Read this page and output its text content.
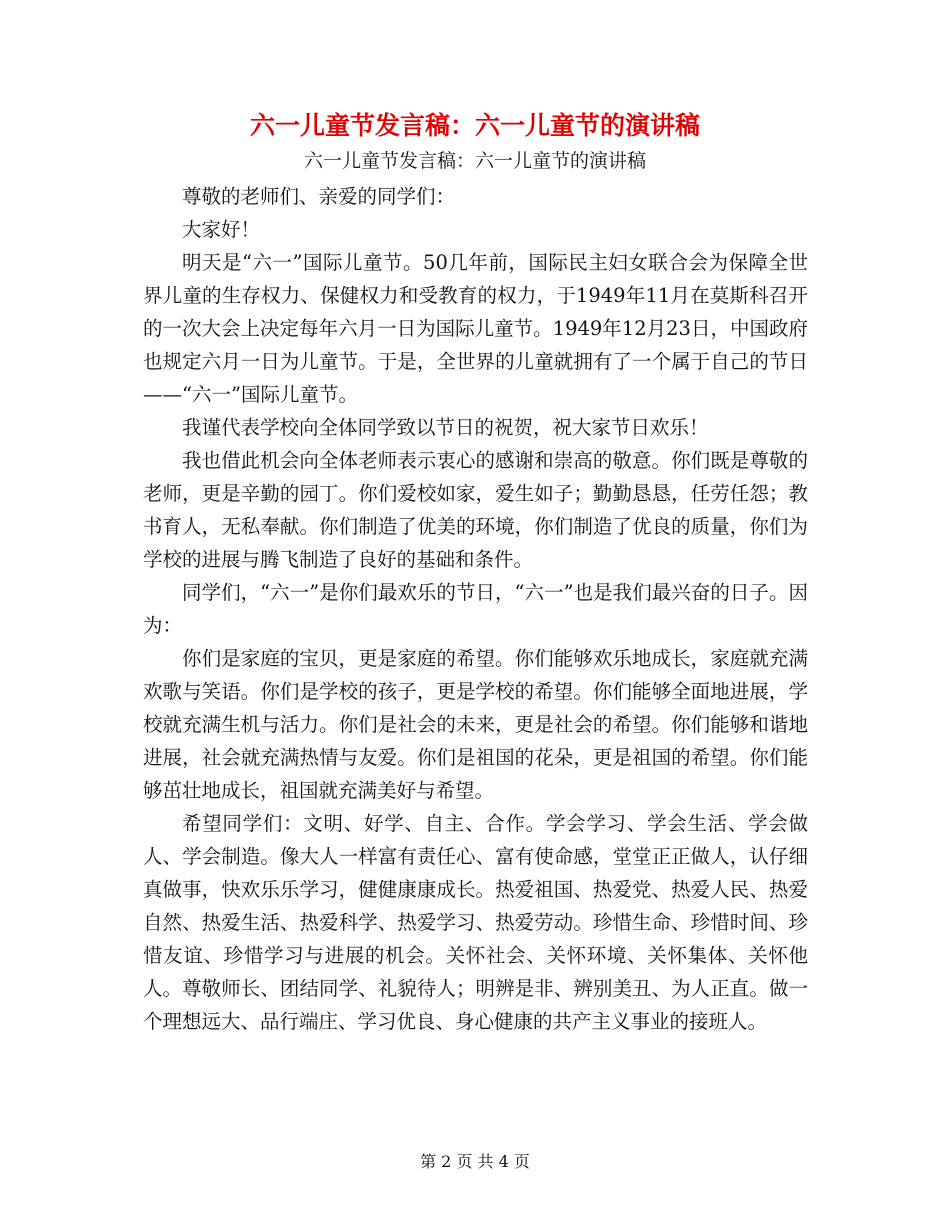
六一儿童节发言稿：六一儿童节的演讲稿
六一儿童节发言稿：六一儿童节的演讲稿

尊敬的老师们、亲爱的同学们：

大家好！

明天是“六一”国际儿童节。50几年前，国际民主妇女联合会为保障全世界儿童的生存权力、保健权力和受教育的权力，于1949年11月在莫斯科召开的一次大会上决定每年六月一日为国际儿童节。1949年12月23日，中国政府也规定六月一日为儿童节。于是，全世界的儿童就拥有了一个属于自己的节日——“六一”国际儿童节。

我谨代表学校向全体同学致以节日的祝贺，祝大家节日欢乐！

我也借此机会向全体老师表示衷心的感谢和崇高的敬意。你们既是尊敬的老师，更是辛勤的园丁。你们爱校如家，爱生如子；勤勤恳恳，任劳任怨；教书育人，无私奉献。你们制造了优美的环境，你们制造了优良的质量，你们为学校的进展与腾飞制造了良好的基础和条件。

同学们，“六一”是你们最欢乐的节日，“六一”也是我们最兴奋的日子。因为：

你们是家庭的宝贝，更是家庭的希望。你们能够欢乐地成长，家庭就充满欢歌与笑语。你们是学校的孩子，更是学校的希望。你们能够全面地进展，学校就充满生机与活力。你们是社会的未来，更是社会的希望。你们能够和谐地进展，社会就充满热情与友爱。你们是祖国的花朵，更是祖国的希望。你们能够茁壮地成长，祖国就充满美好与希望。

希望同学们：文明、好学、自主、合作。学会学习、学会生活、学会做人、学会制造。像大人一样富有责任心、富有使命感，堂堂正正做人，认仔细真做事，快欢乐乐学习，健健康康成长。热爱祖国、热爱党、热爱人民、热爱自然、热爱生活、热爱科学、热爱学习、热爱劳动。珍惜生命、珍惜时间、珍惜友谊、珍惜学习与进展的机会。关怀社会、关怀环境、关怀集体、关怀他人。尊敬师长、团结同学、礼貌待人；明辨是非、辨别美丑、为人正直。做一个理想远大、品行端庄、学习优良、身心健康的共产主义事业的接班人。

第 2 页 共 4 页
